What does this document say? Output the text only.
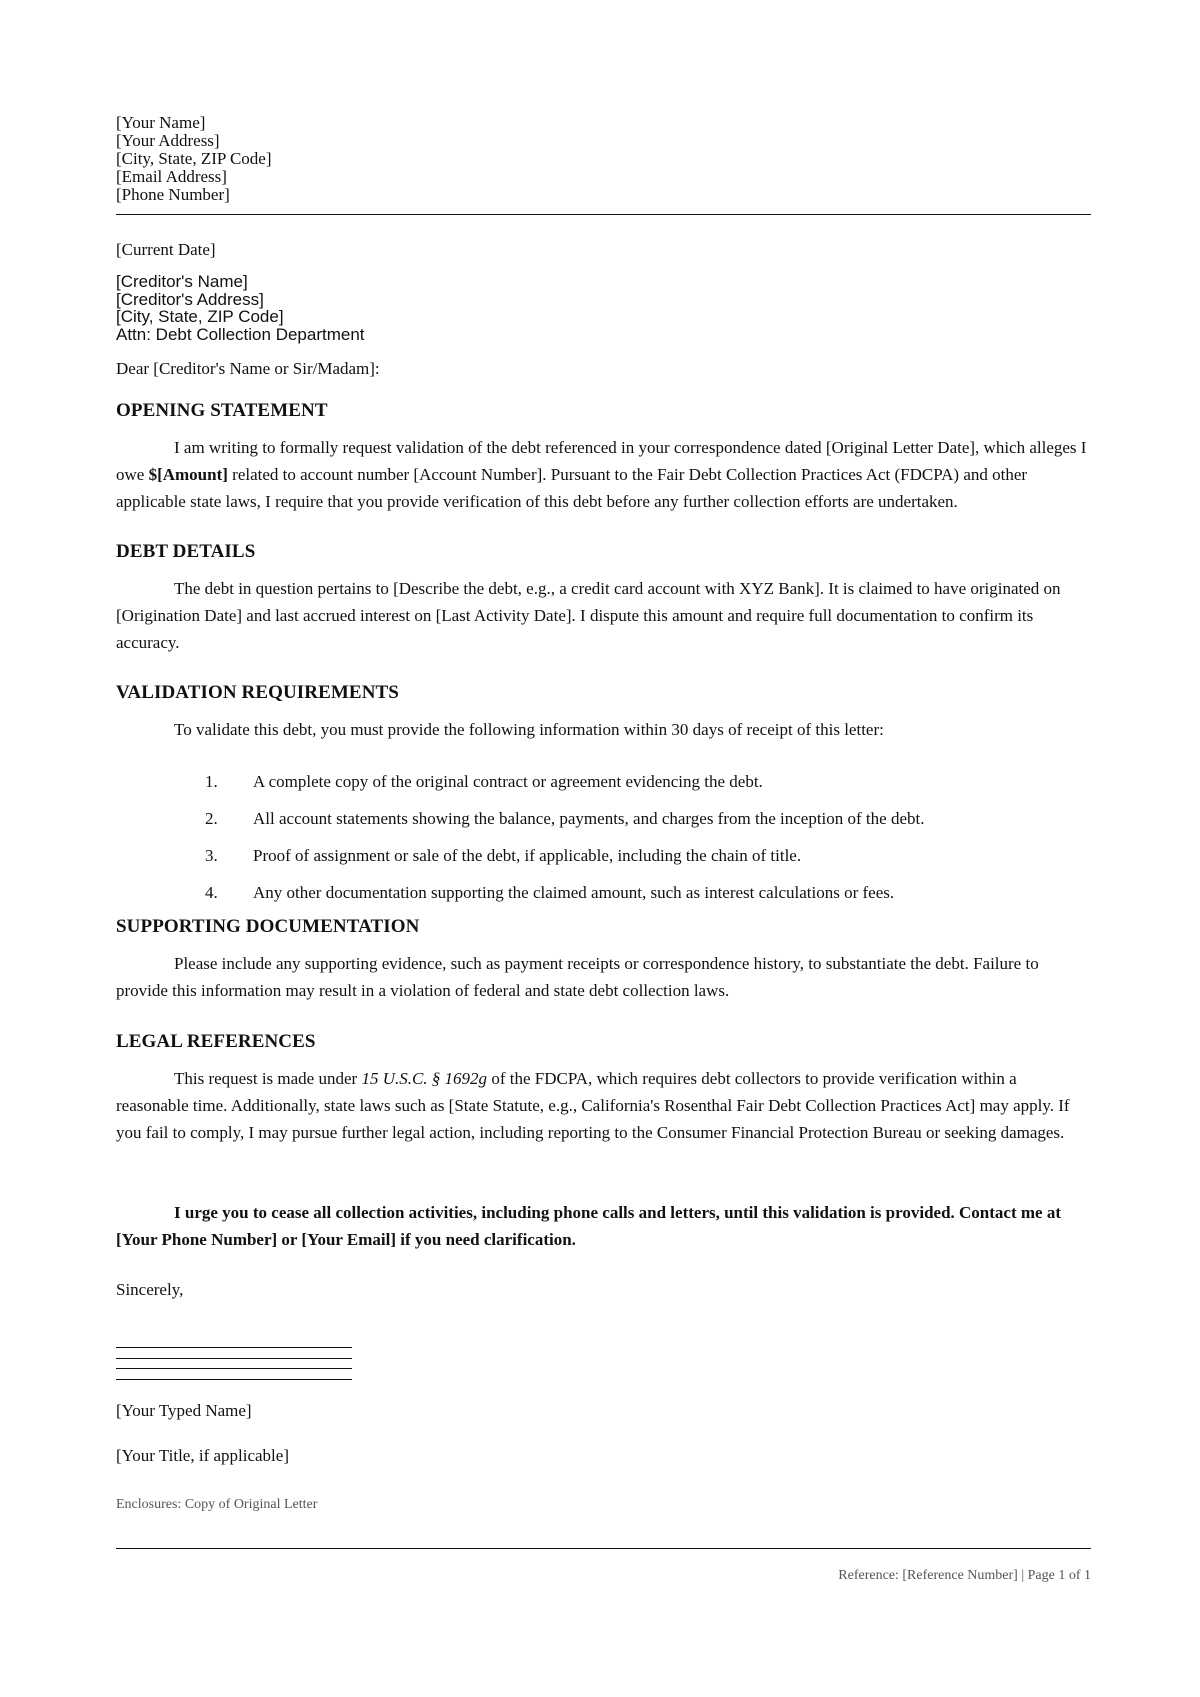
[Your Name]
[Your Address]
[City, State, ZIP Code]
[Email Address]
[Phone Number]
[Current Date]
[Creditor's Name]
[Creditor's Address]
[City, State, ZIP Code]
Attn: Debt Collection Department
Dear [Creditor's Name or Sir/Madam]:
OPENING STATEMENT

I am writing to formally request validation of the debt referenced in your correspondence dated [Original Letter Date], which alleges I owe $[Amount] related to account number [Account Number]. Pursuant to the Fair Debt Collection Practices Act (FDCPA) and other applicable state laws, I require that you provide verification of this debt before any further collection efforts are undertaken.

DEBT DETAILS

The debt in question pertains to [Describe the debt, e.g., a credit card account with XYZ Bank]. It is claimed to have originated on [Origination Date] and last accrued interest on [Last Activity Date]. I dispute this amount and require full documentation to confirm its accuracy.

VALIDATION REQUIREMENTS

To validate this debt, you must provide the following information within 30 days of receipt of this letter:

1. A complete copy of the original contract or agreement evidencing the debt.
2. All account statements showing the balance, payments, and charges from the inception of the debt.
3. Proof of assignment or sale of the debt, if applicable, including the chain of title.
4. Any other documentation supporting the claimed amount, such as interest calculations or fees.
SUPPORTING DOCUMENTATION

Please include any supporting evidence, such as payment receipts or correspondence history, to substantiate the debt. Failure to provide this information may result in a violation of federal and state debt collection laws.

LEGAL REFERENCES

This request is made under 15 U.S.C. § 1692g of the FDCPA, which requires debt collectors to provide verification within a reasonable time. Additionally, state laws such as [State Statute, e.g., California's Rosenthal Fair Debt Collection Practices Act] may apply. If you fail to comply, I may pursue further legal action, including reporting to the Consumer Financial Protection Bureau or seeking damages.

I urge you to cease all collection activities, including phone calls and letters, until this validation is provided. Contact me at [Your Phone Number] or [Your Email] if you need clarification.

Sincerely,
[Your Typed Name]
[Your Title, if applicable]
Enclosures: Copy of Original Letter
Reference: [Reference Number] | Page 1 of 1
